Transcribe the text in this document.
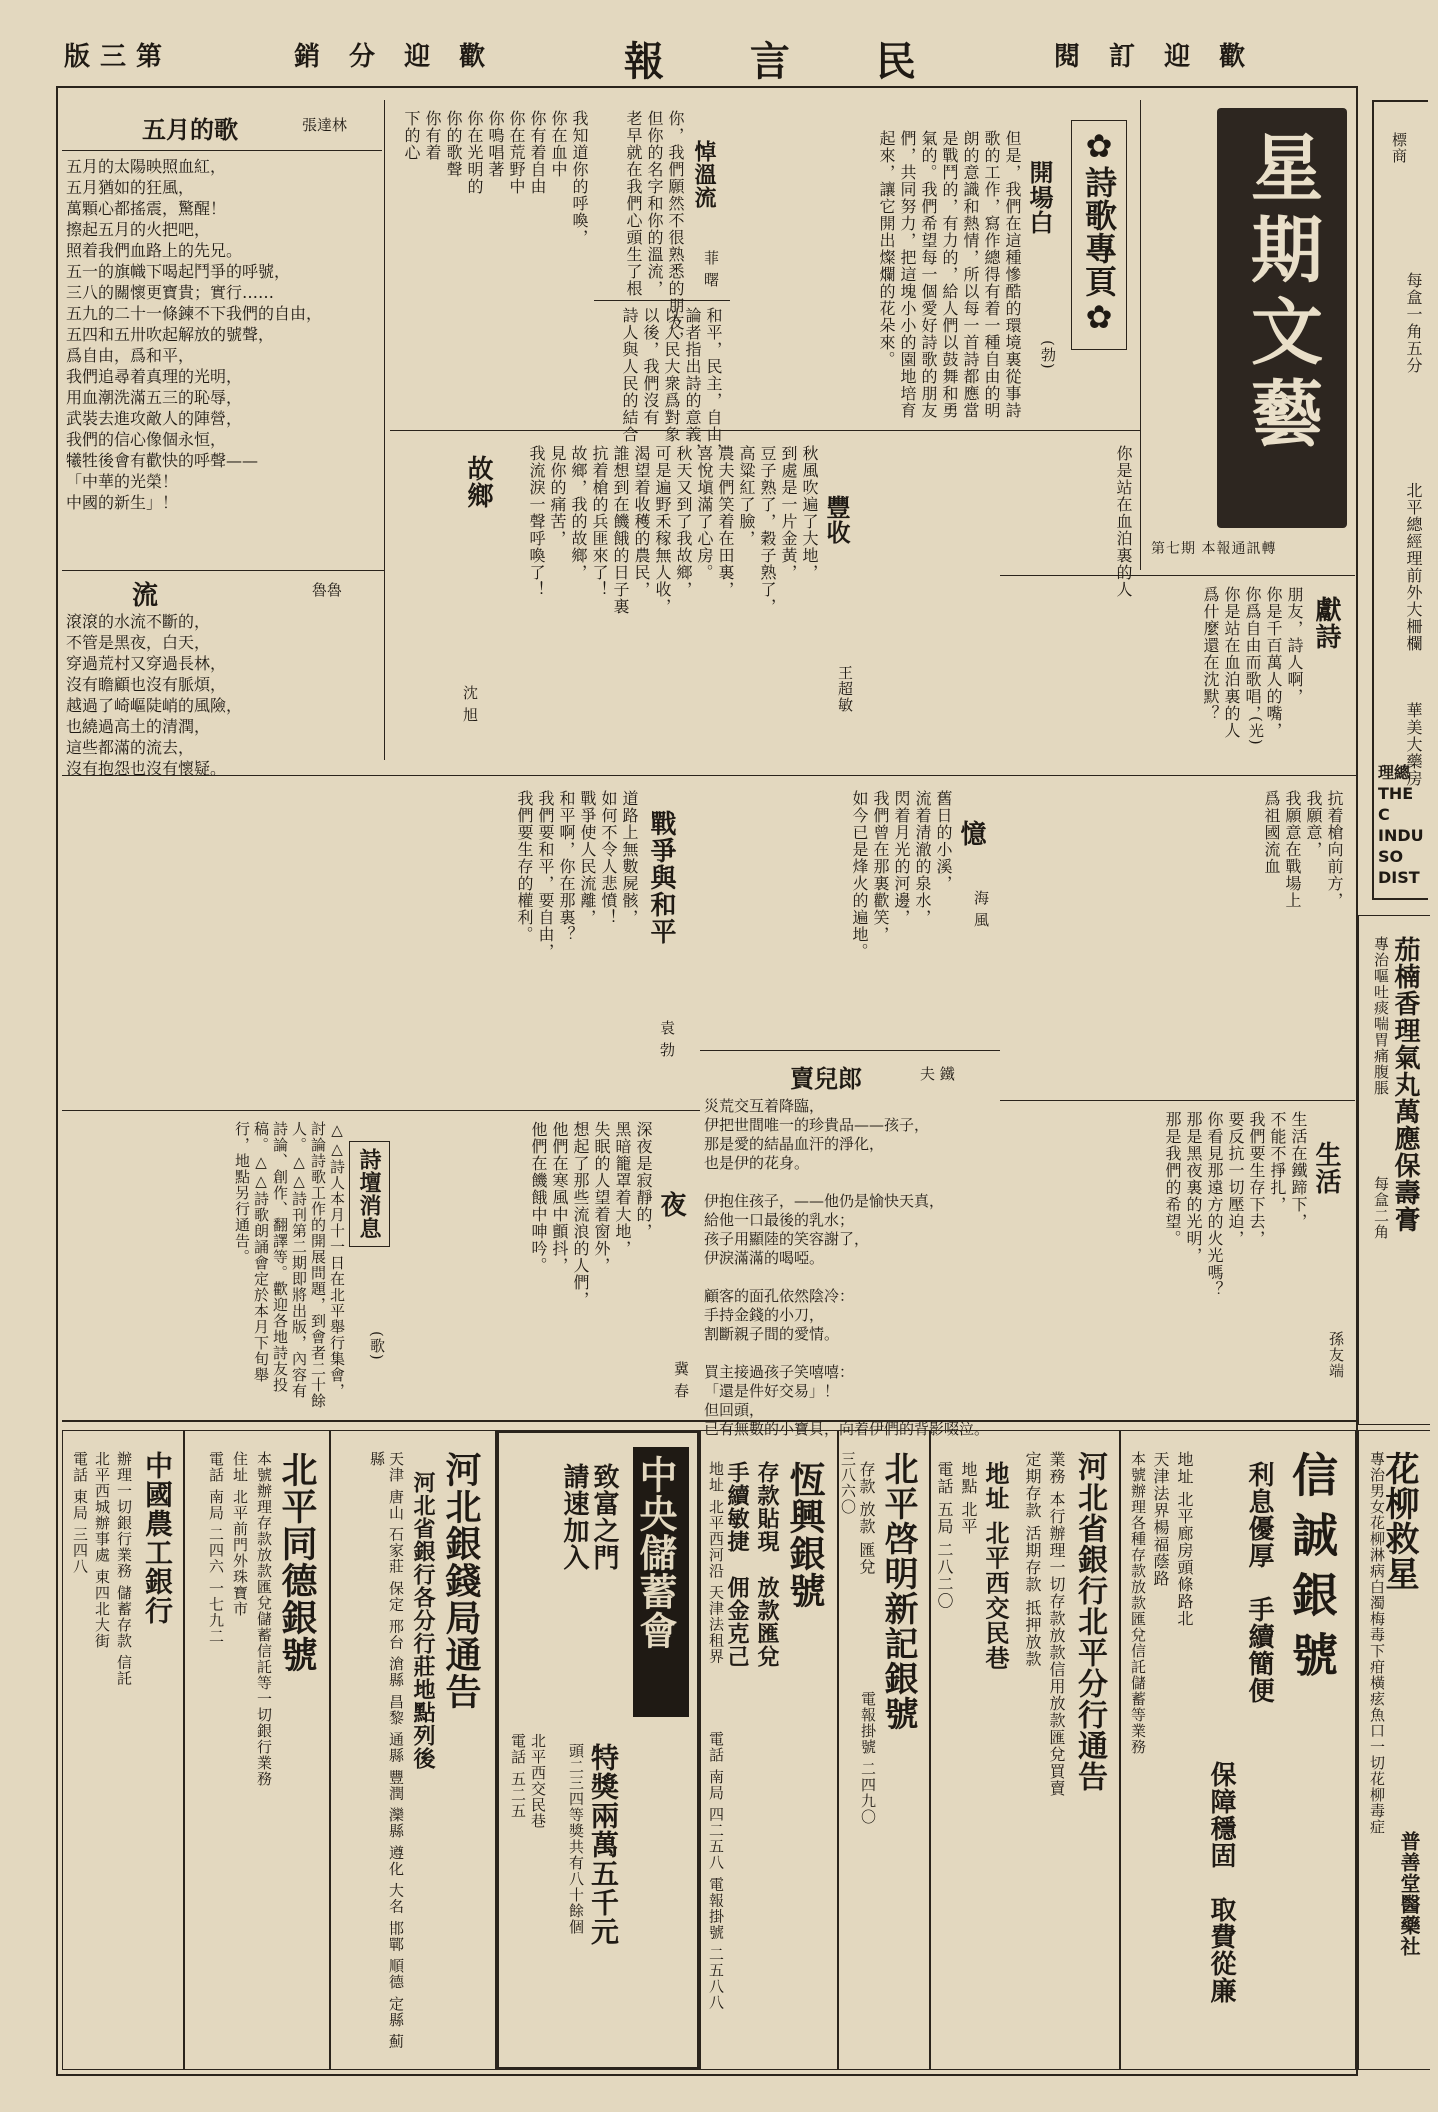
版三第	銷 分 迎 歡	報 言 民	閱 訂 迎 歡
標商
每盒一角五分
北平總經理前外大柵欄
華美大藥房
理總
THE C
INDU
SO
DIST
星期文藝
第七期 本報通訊轉
✿詩歌專頁✿
開場白
(勃)
但是，我們在這種慘酷的環境裏從事詩歌的工作，寫作總得有着一種自由的明朗的意識和熱情，所以每一首詩都應當是戰鬥的，有力的，給人們以鼓舞和勇氣的。我們希望每一個愛好詩歌的朋友們，共同努力，把這塊小小的園地培育起來，讓它開出燦爛的花朵來。
五月的歌	張達林
五月的太陽映照血紅，
五月猶如的狂風，
萬顆心都搖震，驚醒！
擦起五月的火把吧，
照着我們血路上的先兄。
五一的旗幟下喝起鬥爭的呼號，
三八的關懷更寶貴；實行……
五九的二十一條鍊不下我們的自由，
五四和五卅吹起解放的號聲，
爲自由，爲和平，
我們追尋着真理的光明，
用血潮洗滿五三的恥辱，
武裝去進攻敵人的陣營，
我們的信心像個永恒，
犧牲後會有歡快的呼聲——
「中華的光榮！
中國的新生」！
流	魯魯
滾滾的水流不斷的，
不管是黑夜，白天，
穿過荒村又穿過長林，
沒有瞻顧也沒有脈煩，
越過了崎嶇陡峭的風險，
也繞過高土的清潤，
這些都滿的流去，
沒有抱怨也沒有懷疑。
你鳴唱著
你在光明的
你的歌聲
你有着
下的心	我知道你的呼喚，
你在血中
你有着自由
你在荒野中	悼溫流
菲 曙
你，我們願然不很熟悉的朋友，
但你的名字和你的溫流，
老早就在我們心頭生了根
和平，民主，自由，
論者指出詩的意義，
以人民大衆爲對象
以後，我們沒有
詩人與人民的結合
獻詩
(光)
朋友，詩人啊，
你是千百萬人的嘴，
你爲自由而歌唱，
你是站在血泊裏的人
爲什麼還在沈默？
你是站在血泊裏的人
豐收
王超敏
秋風吹遍了大地，
到處是一片金黃，
豆子熟了，穀子熟了，
高粱紅了臉，
農夫們笑着在田裏，
喜悅塡滿了心房。
故鄉
沈 旭
秋天又到了我故鄉，
可是遍野禾稼無人收，
渴望着收穫的農民，
誰想到在饑餓的日子裏
抗着槍的兵匪來了！
故鄉，我的故鄉，
見你的痛苦，
我流淚一聲呼喚了！
抗着槍向前方，
我願意，
我願意在戰場上
爲祖國流血
憶
海 風
舊日的小溪，
流着清澈的泉水，
閃着月光的河邊，
我們曾在那裏歡笑，
如今已是烽火的遍地。
戰爭與和平
袁 勃
道路上無數屍骸，
如何不令人悲憤！
戰爭使人民流離，
和平啊，你在那裏？
我們要和平，要自由，
我們要生存的權利。
賣兒郎	夫 鐵
災荒交互着降臨，
伊把世間唯一的珍貴品——孩子，
那是愛的結晶血汗的淨化，
也是伊的花身。

伊抱住孩子，——他仍是愉快天真，
給他一口最後的乳水；
孩子用顯陸的笑容謝了，
伊淚滿滿的喝啞。

顧客的面孔依然陰冷：
手持金錢的小刀，
割斷親子間的愛情。

買主接過孩子笑嘻嘻：
「還是件好交易」！
但回頭，
已有無數的小寶貝，向着伊們的背影啜泣。
生活
孫友端
生活在鐵蹄下，
不能不掙扎，
我們要生存下去，
要反抗一切壓迫，
你看見那遠方的火光嗎？
那是黑夜裏的光明，
那是我們的希望。
夜
冀 春
深夜是寂靜的，
黑暗籠罩着大地，
失眠的人望着窗外，
想起了那些流浪的人們，
他們在寒風中顫抖，
他們在饑餓中呻吟。
詩壇消息
(歌)
△△詩人本月十一日在北平舉行集會，討論詩歌工作的開展問題，到會者二十餘人。△△詩刊第二期即將出版，內容有詩論、創作、翻譯等。歡迎各地詩友投稿。△△詩歌朗誦會定於本月下旬舉行，地點另行通告。
信誠銀號
利息優厚　手續簡便
保障穩固　取費從廉
地址 北平廊房頭條路北
天津法界楊福蔭路
本號辦理各種存款放款匯兌信託儲蓄等業務
河北省銀行北平分行通告
業務 本行辦理一切存款放款信用放款匯兌買賣
定期存款 活期存款 抵押放款
地址 北平西交民巷
地點 北平
電話 五局 二八二〇
北平啓明新記銀號
存款 放款 匯兌
電報掛號 二四九〇
三八六〇
恆興銀號
存款貼現　放款匯兌
手續敏捷　佣金克己
地址 北平西河沿 天津法租界
電話 南局 四二五八 電報掛號 二五八八
中央儲蓄會
致富之門
請速加入
特獎兩萬五千元
頭二三四等獎共有八十餘個
北平西交民巷
電話 五二五
河北銀錢局通告
河北省銀行各分行莊地點列後
天津 唐山 石家莊 保定 邢台 滄縣 昌黎 通縣 豐潤 灤縣 遵化 大名 邯鄲 順德 定縣 薊縣
北平同德銀號
本號辦理存款放款匯兌儲蓄信託等一切銀行業務
住址 北平前門外珠寶市
電話 南局 二四六 一七九二
中國農工銀行
辦理一切銀行業務 儲蓄存款 信託
北平西城辦事處 東四北大街
電話 東局 三四八
茄楠香理氣丸萬應保壽膏
專治嘔吐痰喘胃痛腹脹
每盒二角
花柳救星
專治男女花柳淋病白濁梅毒下疳橫痃魚口一切花柳毒症
普善堂醫藥社
